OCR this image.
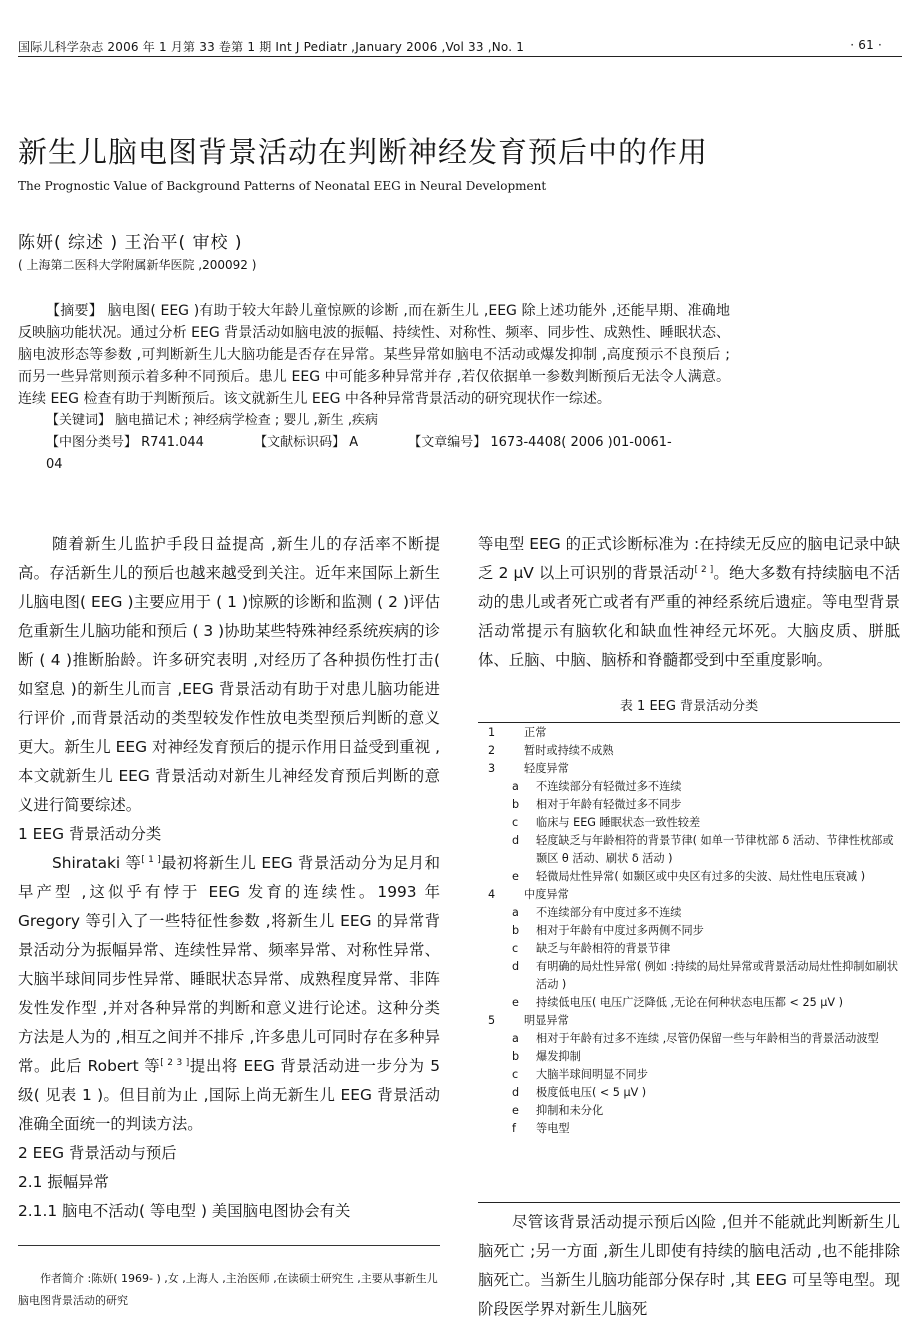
国际儿科学杂志 2006 年 1 月第 33 卷第 1 期 Int J Pediatr ,January 2006 ,Vol 33 ,No. 1	· 61 ·
新生儿脑电图背景活动在判断神经发育预后中的作用
The Prognostic Value of Background Patterns of Neonatal EEG in Neural Development
陈妍( 综述 ) 王治平( 审校 )
( 上海第二医科大学附属新华医院 ,200092 )

【摘要】 脑电图( EEG )有助于较大年龄儿童惊厥的诊断 ,而在新生儿 ,EEG 除上述功能外 ,还能早期、准确地反映脑功能状况。通过分析 EEG 背景活动如脑电波的振幅、持续性、对称性、频率、同步性、成熟性、睡眠状态、脑电波形态等参数 ,可判断新生儿大脑功能是否存在异常。某些异常如脑电不活动或爆发抑制 ,高度预示不良预后 ;而另一些异常则预示着多种不同预后。患儿 EEG 中可能多种异常并存 ,若仅依据单一参数判断预后无法令人满意。连续 EEG 检查有助于判断预后。该文就新生儿 EEG 中各种异常背景活动的研究现状作一综述。

【关键词】 脑电描记术 ; 神经病学检查 ; 婴儿 ,新生 ,疾病
【中图分类号】 R741.044	【文献标识码】 A	【文章编号】 1673-4408( 2006 )01-0061-04

随着新生儿监护手段日益提高 ,新生儿的存活率不断提高。存活新生儿的预后也越来越受到关注。近年来国际上新生儿脑电图( EEG )主要应用于 ( 1 )惊厥的诊断和监测 ( 2 )评估危重新生儿脑功能和预后 ( 3 )协助某些特殊神经系统疾病的诊断 ( 4 )推断胎龄。许多研究表明 ,对经历了各种损伤性打击( 如窒息 )的新生儿而言 ,EEG 背景活动有助于对患儿脑功能进行评价 ,而背景活动的类型较发作性放电类型预后判断的意义更大。新生儿 EEG 对神经发育预后的提示作用日益受到重视 ,本文就新生儿 EEG 背景活动对新生儿神经发育预后判断的意义进行简要综述。

1 EEG 背景活动分类

Shirataki 等[ 1 ]最初将新生儿 EEG 背景活动分为足月和早产型 ,这似乎有悖于 EEG 发育的连续性。1993 年 Gregory 等引入了一些特征性参数 ,将新生儿 EEG 的异常背景活动分为振幅异常、连续性异常、频率异常、对称性异常、大脑半球间同步性异常、睡眠状态异常、成熟程度异常、非阵发性发作型 ,并对各种异常的判断和意义进行论述。这种分类方法是人为的 ,相互之间并不排斥 ,许多患儿可同时存在多种异常。此后 Robert 等[ 2 3 ]提出将 EEG 背景活动进一步分为 5 级( 见表 1 )。但目前为止 ,国际上尚无新生儿 EEG 背景活动准确全面统一的判读方法。

2 EEG 背景活动与预后

2.1 振幅异常

2.1.1 脑电不活动( 等电型 ) 美国脑电图协会有关

作者简介 :陈妍( 1969- ) ,女 ,上海人 ,主治医师 ,在读硕士研究生 ,主要从事新生儿脑电图背景活动的研究

等电型 EEG 的正式诊断标准为 :在持续无反应的脑电记录中缺乏 2 μV 以上可识别的背景活动[ 2 ]。绝大多数有持续脑电不活动的患儿或者死亡或者有严重的神经系统后遗症。等电型背景活动常提示有脑软化和缺血性神经元坏死。大脑皮质、胼胝体、丘脑、中脑、脑桥和脊髓都受到中至重度影响。

表 1 EEG 背景活动分类
1	正常
2	暂时或持续不成熟
3	轻度异常
a	不连续部分有轻微过多不连续
b	相对于年龄有轻微过多不同步
c	临床与 EEG 睡眠状态一致性较差
d	轻度缺乏与年龄相符的背景节律( 如单一节律枕部 δ 活动、节律性枕部或颞区 θ 活动、刷状 δ 活动 )
e	轻微局灶性异常( 如颞区或中央区有过多的尖波、局灶性电压衰减 )
4	中度异常
a	不连续部分有中度过多不连续
b	相对于年龄有中度过多两侧不同步
c	缺乏与年龄相符的背景节律
d	有明确的局灶性异常( 例如 :持续的局灶异常或背景活动局灶性抑制如刷状活动 )
e	持续低电压( 电压广泛降低 ,无论在何种状态电压都 < 25 μV )
5	明显异常
a	相对于年龄有过多不连续 ,尽管仍保留一些与年龄相当的背景活动波型
b	爆发抑制
c	大脑半球间明显不同步
d	极度低电压( < 5 μV )
e	抑制和未分化
f	等电型

尽管该背景活动提示预后凶险 ,但并不能就此判断新生儿脑死亡 ;另一方面 ,新生儿即使有持续的脑电活动 ,也不能排除脑死亡。当新生儿脑功能部分保存时 ,其 EEG 可呈等电型。现阶段医学界对新生儿脑死
